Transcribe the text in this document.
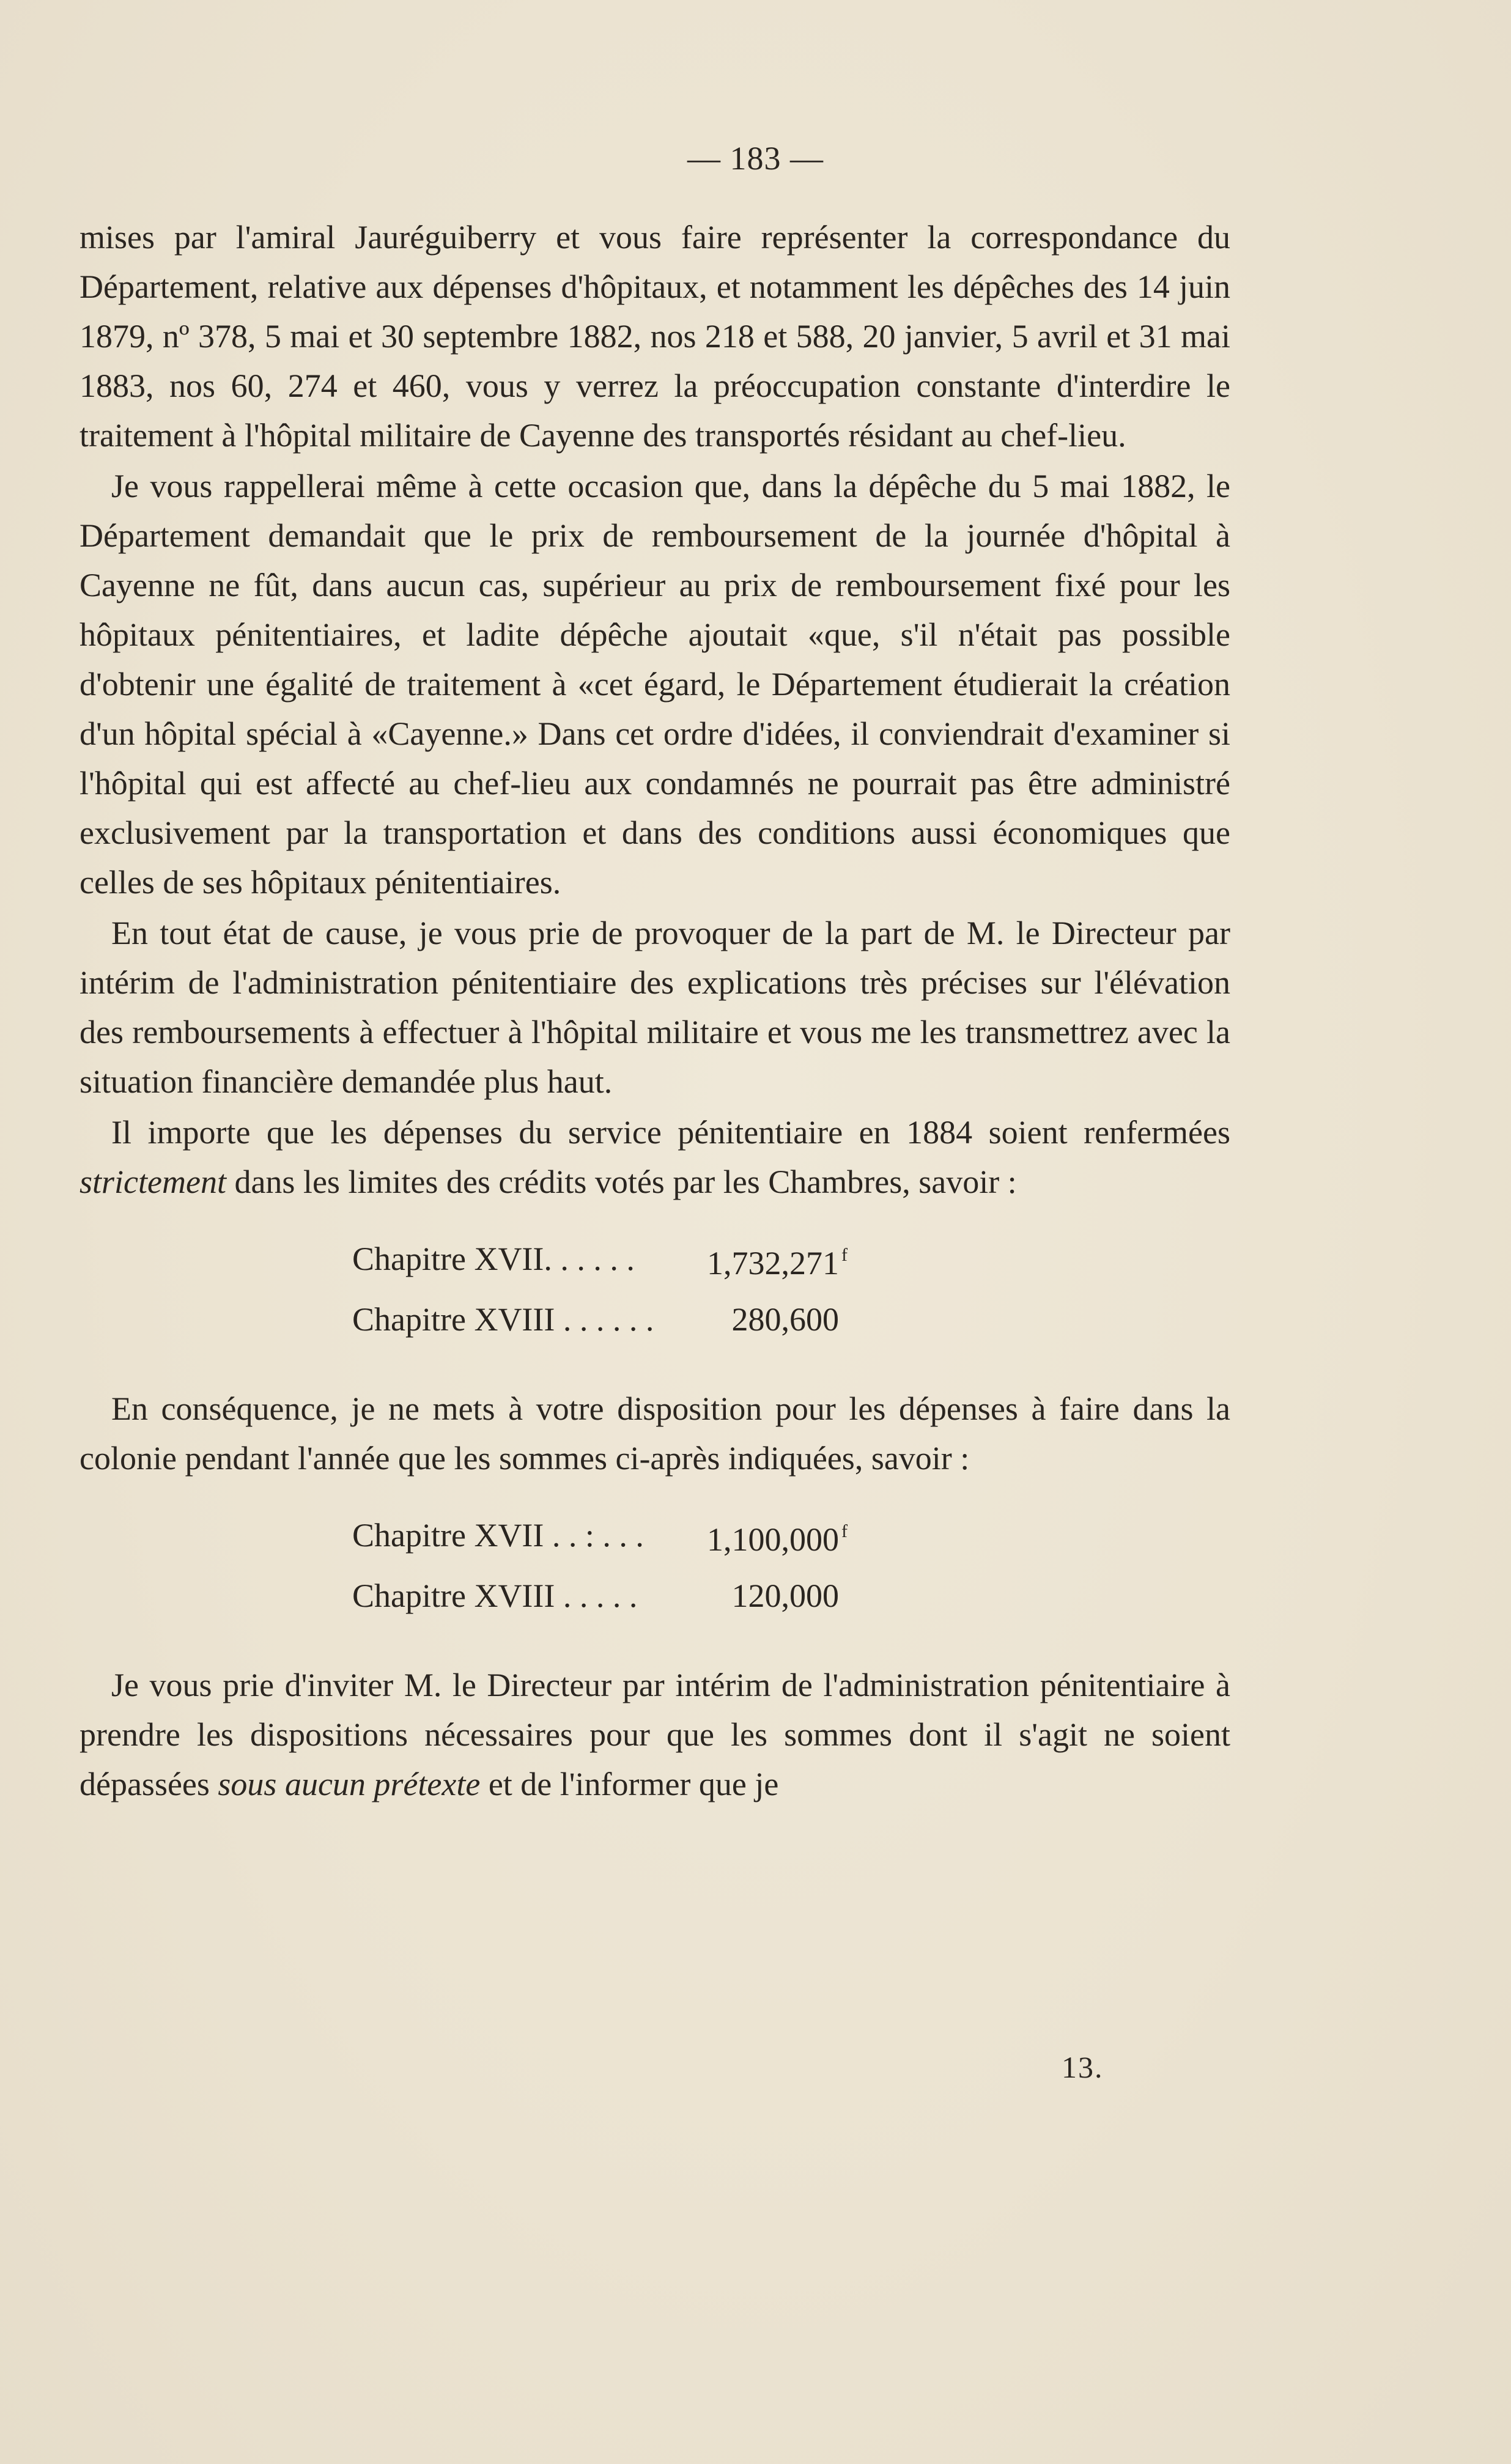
— 183 —

mises par l'amiral Jauréguiberry et vous faire représenter la correspondance du Département, relative aux dépenses d'hôpitaux, et notamment les dépêches des 14 juin 1879, nº 378, 5 mai et 30 septembre 1882, nos 218 et 588, 20 janvier, 5 avril et 31 mai 1883, nos 60, 274 et 460, vous y verrez la préoccupation constante d'interdire le traitement à l'hôpital militaire de Cayenne des transportés résidant au chef-lieu.

Je vous rappellerai même à cette occasion que, dans la dépêche du 5 mai 1882, le Département demandait que le prix de remboursement de la journée d'hôpital à Cayenne ne fût, dans aucun cas, supérieur au prix de remboursement fixé pour les hôpitaux pénitentiaires, et ladite dépêche ajoutait «que, s'il n'était pas possible d'obtenir une égalité de traitement à «cet égard, le Département étudierait la création d'un hôpital spécial à «Cayenne.» Dans cet ordre d'idées, il conviendrait d'examiner si l'hôpital qui est affecté au chef-lieu aux condamnés ne pourrait pas être administré exclusivement par la transportation et dans des conditions aussi économiques que celles de ses hôpitaux pénitentiaires.

En tout état de cause, je vous prie de provoquer de la part de M. le Directeur par intérim de l'administration pénitentiaire des explications très précises sur l'élévation des remboursements à effectuer à l'hôpital militaire et vous me les transmettrez avec la situation financière demandée plus haut.

Il importe que les dépenses du service pénitentiaire en 1884 soient renfermées strictement dans les limites des crédits votés par les Chambres, savoir :

Chapitre XVII. . . . . .	1,732,271 f
Chapitre XVIII . . . . . .	280,600

En conséquence, je ne mets à votre disposition pour les dépenses à faire dans la colonie pendant l'année que les sommes ci-après indiquées, savoir :

Chapitre XVII . . : . . .	1,100,000 f
Chapitre XVIII . . . . .	120,000

Je vous prie d'inviter M. le Directeur par intérim de l'administration pénitentiaire à prendre les dispositions nécessaires pour que les sommes dont il s'agit ne soient dépassées sous aucun prétexte et de l'informer que je

13.
